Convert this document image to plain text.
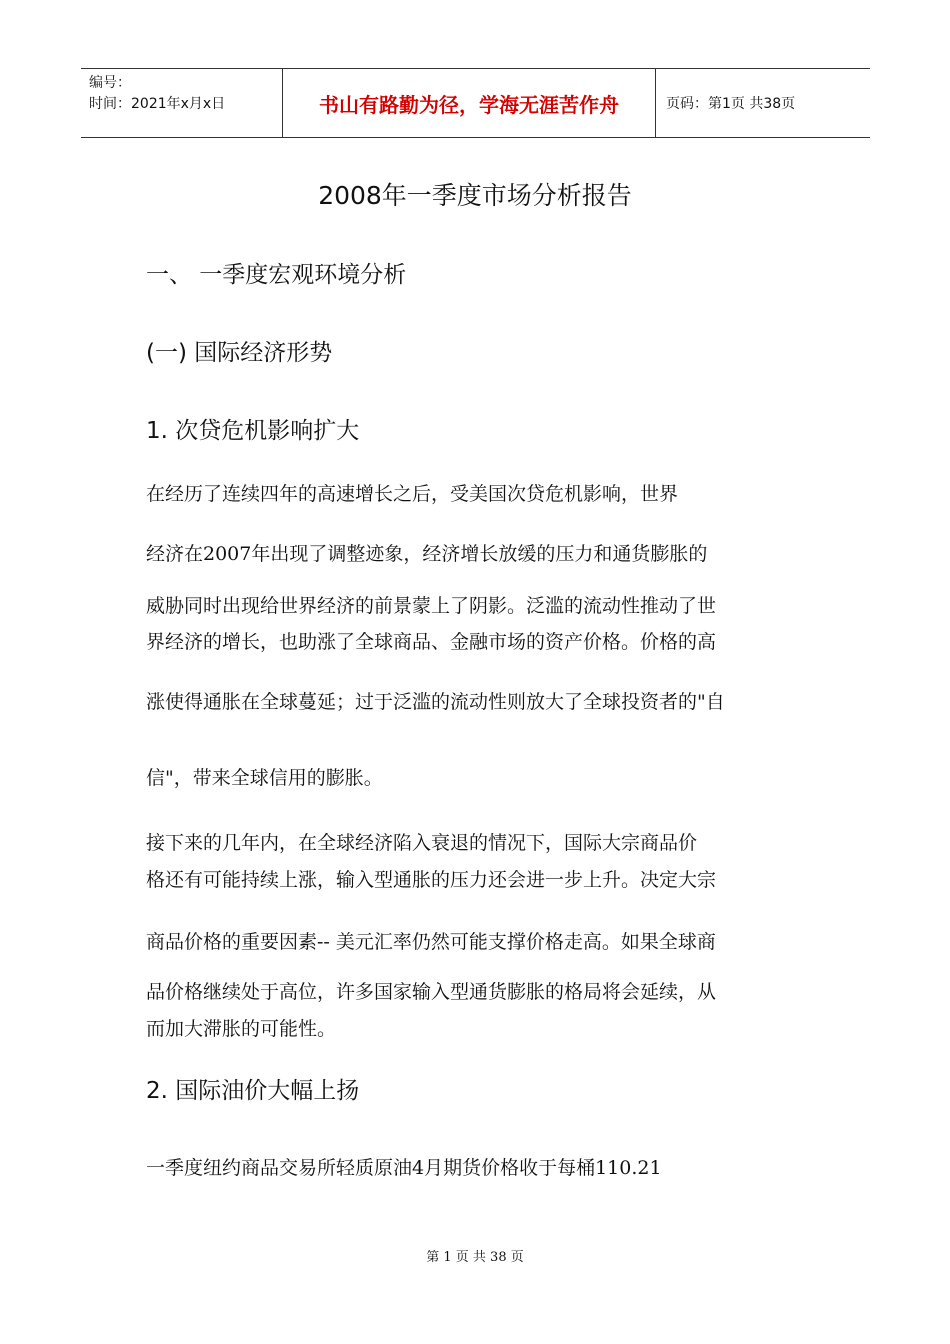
编号：
时间：2021年x月x日	书山有路勤为径，学海无涯苦作舟	页码：第1页 共38页
2008年一季度市场分析报告
一、 一季度宏观环境分析
(一) 国际经济形势
1. 次贷危机影响扩大
在经历了连续四年的高速增长之后，受美国次贷危机影响，世界
经济在2007年出现了调整迹象，经济增长放缓的压力和通货膨胀的
威胁同时出现给世界经济的前景蒙上了阴影。泛滥的流动性推动了世
界经济的增长，也助涨了全球商品、金融市场的资产价格。价格的高
涨使得通胀在全球蔓延；过于泛滥的流动性则放大了全球投资者的"自
信"，带来全球信用的膨胀。
接下来的几年内，在全球经济陷入衰退的情况下，国际大宗商品价
格还有可能持续上涨，输入型通胀的压力还会进一步上升。决定大宗
商品价格的重要因素-- 美元汇率仍然可能支撑价格走高。如果全球商
品价格继续处于高位，许多国家输入型通货膨胀的格局将会延续，从
而加大滞胀的可能性。
2. 国际油价大幅上扬
一季度纽约商品交易所轻质原油4月期货价格收于每桶110.21
第 1 页 共 38 页
